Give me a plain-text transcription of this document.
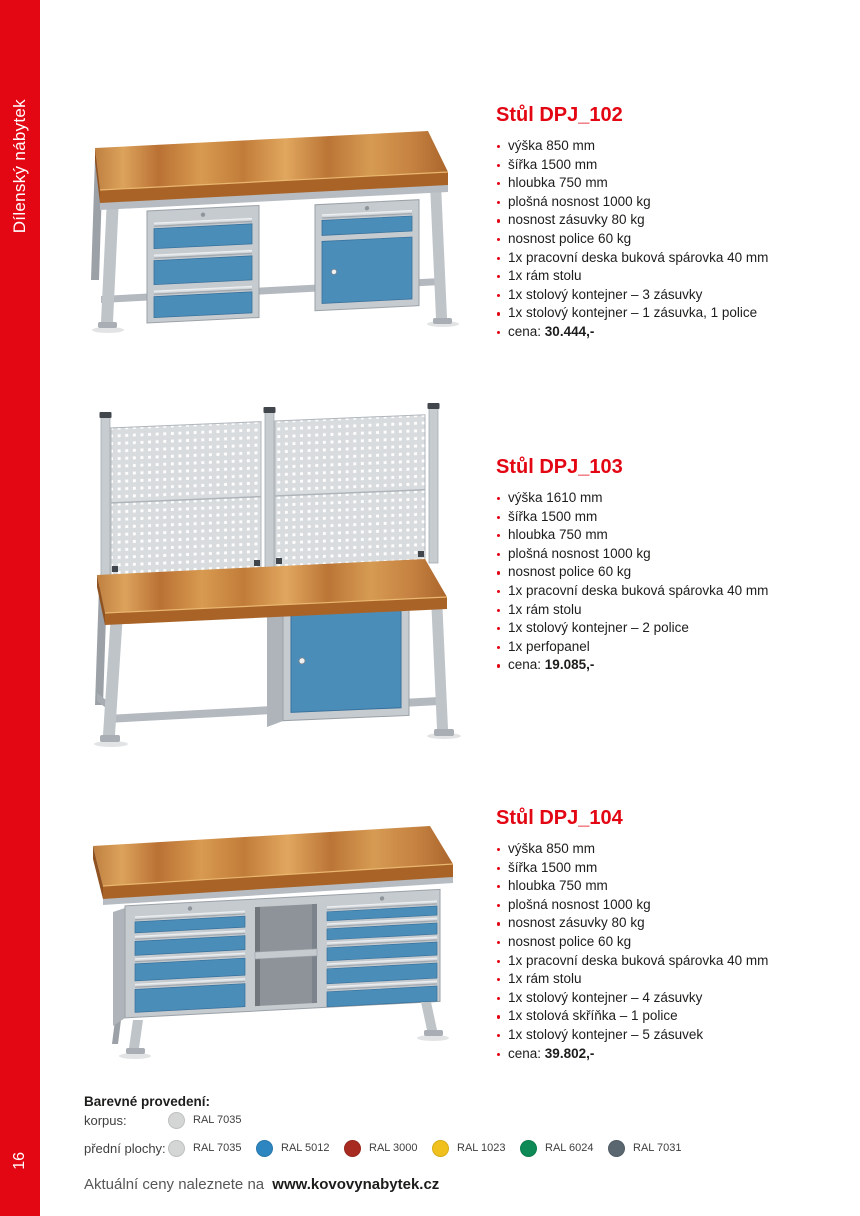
Dílenský nábytek
16
Stůl DPJ_102
výška 850 mm
šířka 1500 mm
hloubka 750 mm
plošná nosnost 1000 kg
nosnost zásuvky 80 kg
nosnost police 60 kg
1x pracovní deska buková spárovka 40 mm
1x rám stolu
1x stolový kontejner – 3 zásuvky
1x stolový kontejner – 1 zásuvka, 1 police
cena: 30.444,-
Stůl DPJ_103
výška 1610 mm
šířka 1500 mm
hloubka 750 mm
plošná nosnost 1000 kg
nosnost police 60 kg
1x pracovní deska buková spárovka 40 mm
1x rám stolu
1x stolový kontejner – 2 police
1x perfopanel
cena: 19.085,-
Stůl DPJ_104
výška 850 mm
šířka 1500 mm
hloubka 750 mm
plošná nosnost 1000 kg
nosnost zásuvky 80 kg
nosnost police 60 kg
1x pracovní deska buková spárovka 40 mm
1x rám stolu
1x stolový kontejner – 4 zásuvky
1x stolová skříňka – 1 police
1x stolový kontejner – 5 zásuvek
cena: 39.802,-
Barevné provedení:
korpus:	RAL 7035
přední plochy: RAL 7035	RAL 5012	RAL 3000	RAL 1023	RAL 6024	RAL 7031
Aktuální ceny naleznete na www.kovovynabytek.cz
